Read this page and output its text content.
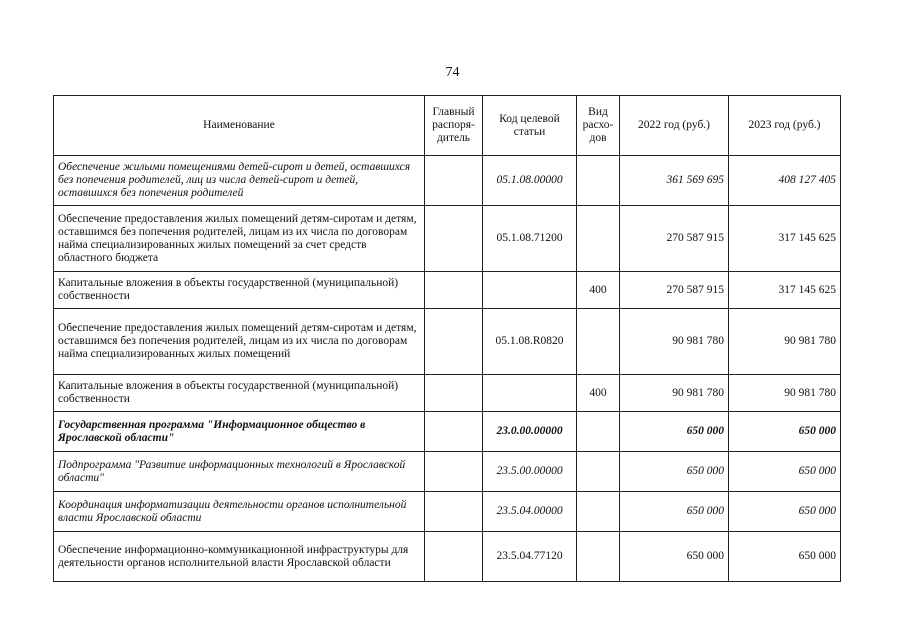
74
Наименование	Главный распоря-дитель	Код целевой статьи	Вид расхо-дов	2022 год (руб.)	2023 год (руб.)
Обеспечение жилыми помещениями детей-сирот и детей, оставшихся без попечения родителей, лиц из числа детей-сирот и детей, оставшихся без попечения родителей		05.1.08.00000		361 569 695	408 127 405
Обеспечение предоставления жилых помещений детям-сиротам и детям, оставшимся без попечения родителей, лицам из их числа по договорам найма специализированных жилых помещений за счет средств областного бюджета		05.1.08.71200		270 587 915	317 145 625
Капитальные вложения в объекты государственной (муниципальной) собственности			400	270 587 915	317 145 625
Обеспечение предоставления жилых помещений детям-сиротам и детям, оставшимся без попечения родителей, лицам из их числа по договорам найма специализированных жилых помещений		05.1.08.R0820		90 981 780	90 981 780
Капитальные вложения в объекты государственной (муниципальной) собственности			400	90 981 780	90 981 780
Государственная программа "Информационное общество в Ярославской области"		23.0.00.00000		650 000	650 000
Подпрограмма "Развитие информационных технологий в Ярославской области"		23.5.00.00000		650 000	650 000
Координация информатизации деятельности органов исполнительной власти Ярославской области		23.5.04.00000		650 000	650 000
Обеспечение информационно-коммуникационной инфраструктуры для деятельности органов исполнительной власти Ярославской области		23.5.04.77120		650 000	650 000
